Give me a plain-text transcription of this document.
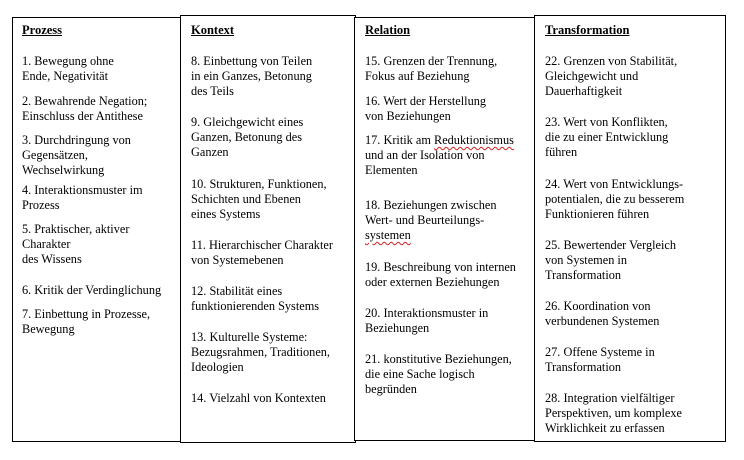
Prozess
1. Bewegung ohne
Ende, Negativität
2. Bewahrende Negation;
Einschluss der Antithese
3. Durchdringung von
Gegensätzen,
Wechselwirkung
4. Interaktionsmuster im
Prozess
5. Praktischer, aktiver
Charakter
des Wissens
6. Kritik der Verdinglichung
7. Einbettung in Prozesse,
Bewegung
Kontext
8. Einbettung von Teilen
in ein Ganzes, Betonung
des Teils
9. Gleichgewicht eines
Ganzen, Betonung des
Ganzen
10. Strukturen, Funktionen,
Schichten und Ebenen
eines Systems
11. Hierarchischer Charakter
von Systemebenen
12. Stabilität eines
funktionierenden Systems
13. Kulturelle Systeme:
Bezugsrahmen, Traditionen,
Ideologien
14. Vielzahl von Kontexten
Relation
15. Grenzen der Trennung,
Fokus auf Beziehung
16. Wert der Herstellung
von Beziehungen
17. Kritik am Reduktionismus
und an der Isolation von
Elementen
18. Beziehungen zwischen
Wert- und Beurteilungs-
systemen
19. Beschreibung von internen
oder externen Beziehungen
20. Interaktionsmuster in
Beziehungen
21. konstitutive Beziehungen,
die eine Sache logisch
begründen
Transformation
22. Grenzen von Stabilität,
Gleichgewicht und
Dauerhaftigkeit
23. Wert von Konflikten,
die zu einer Entwicklung
führen
24. Wert von Entwicklungs-
potentialen, die zu besserem
Funktionieren führen
25. Bewertender Vergleich
von Systemen in
Transformation
26. Koordination von
verbundenen Systemen
27. Offene Systeme in
Transformation
28. Integration vielfältiger
Perspektiven, um komplexe
Wirklichkeit zu erfassen
